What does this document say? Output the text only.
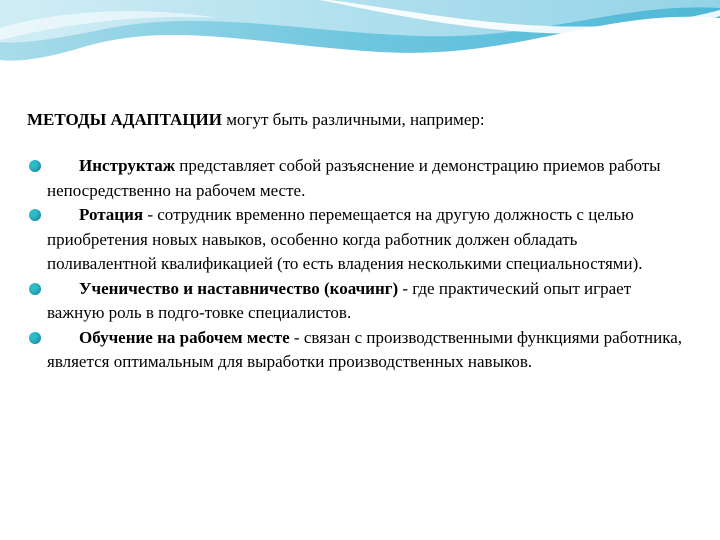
МЕТОДЫ АДАПТАЦИИ могут быть различными, например:

Инструктаж представляет собой разъяснение и демонстрацию приемов работы непосредственно на рабочем месте.
Ротация - сотрудник временно перемещается на другую должность с целью приобретения новых навыков, особенно когда работник должен обладать поливалентной квалификацией (то есть владения несколькими специальностями).
Ученичество и наставничество (коачинг) - где практический опыт играет важную роль в подго-товке специалистов.
Обучение на рабочем месте - связан с производственными функциями работника, является оптимальным для выработки производственных навыков.
